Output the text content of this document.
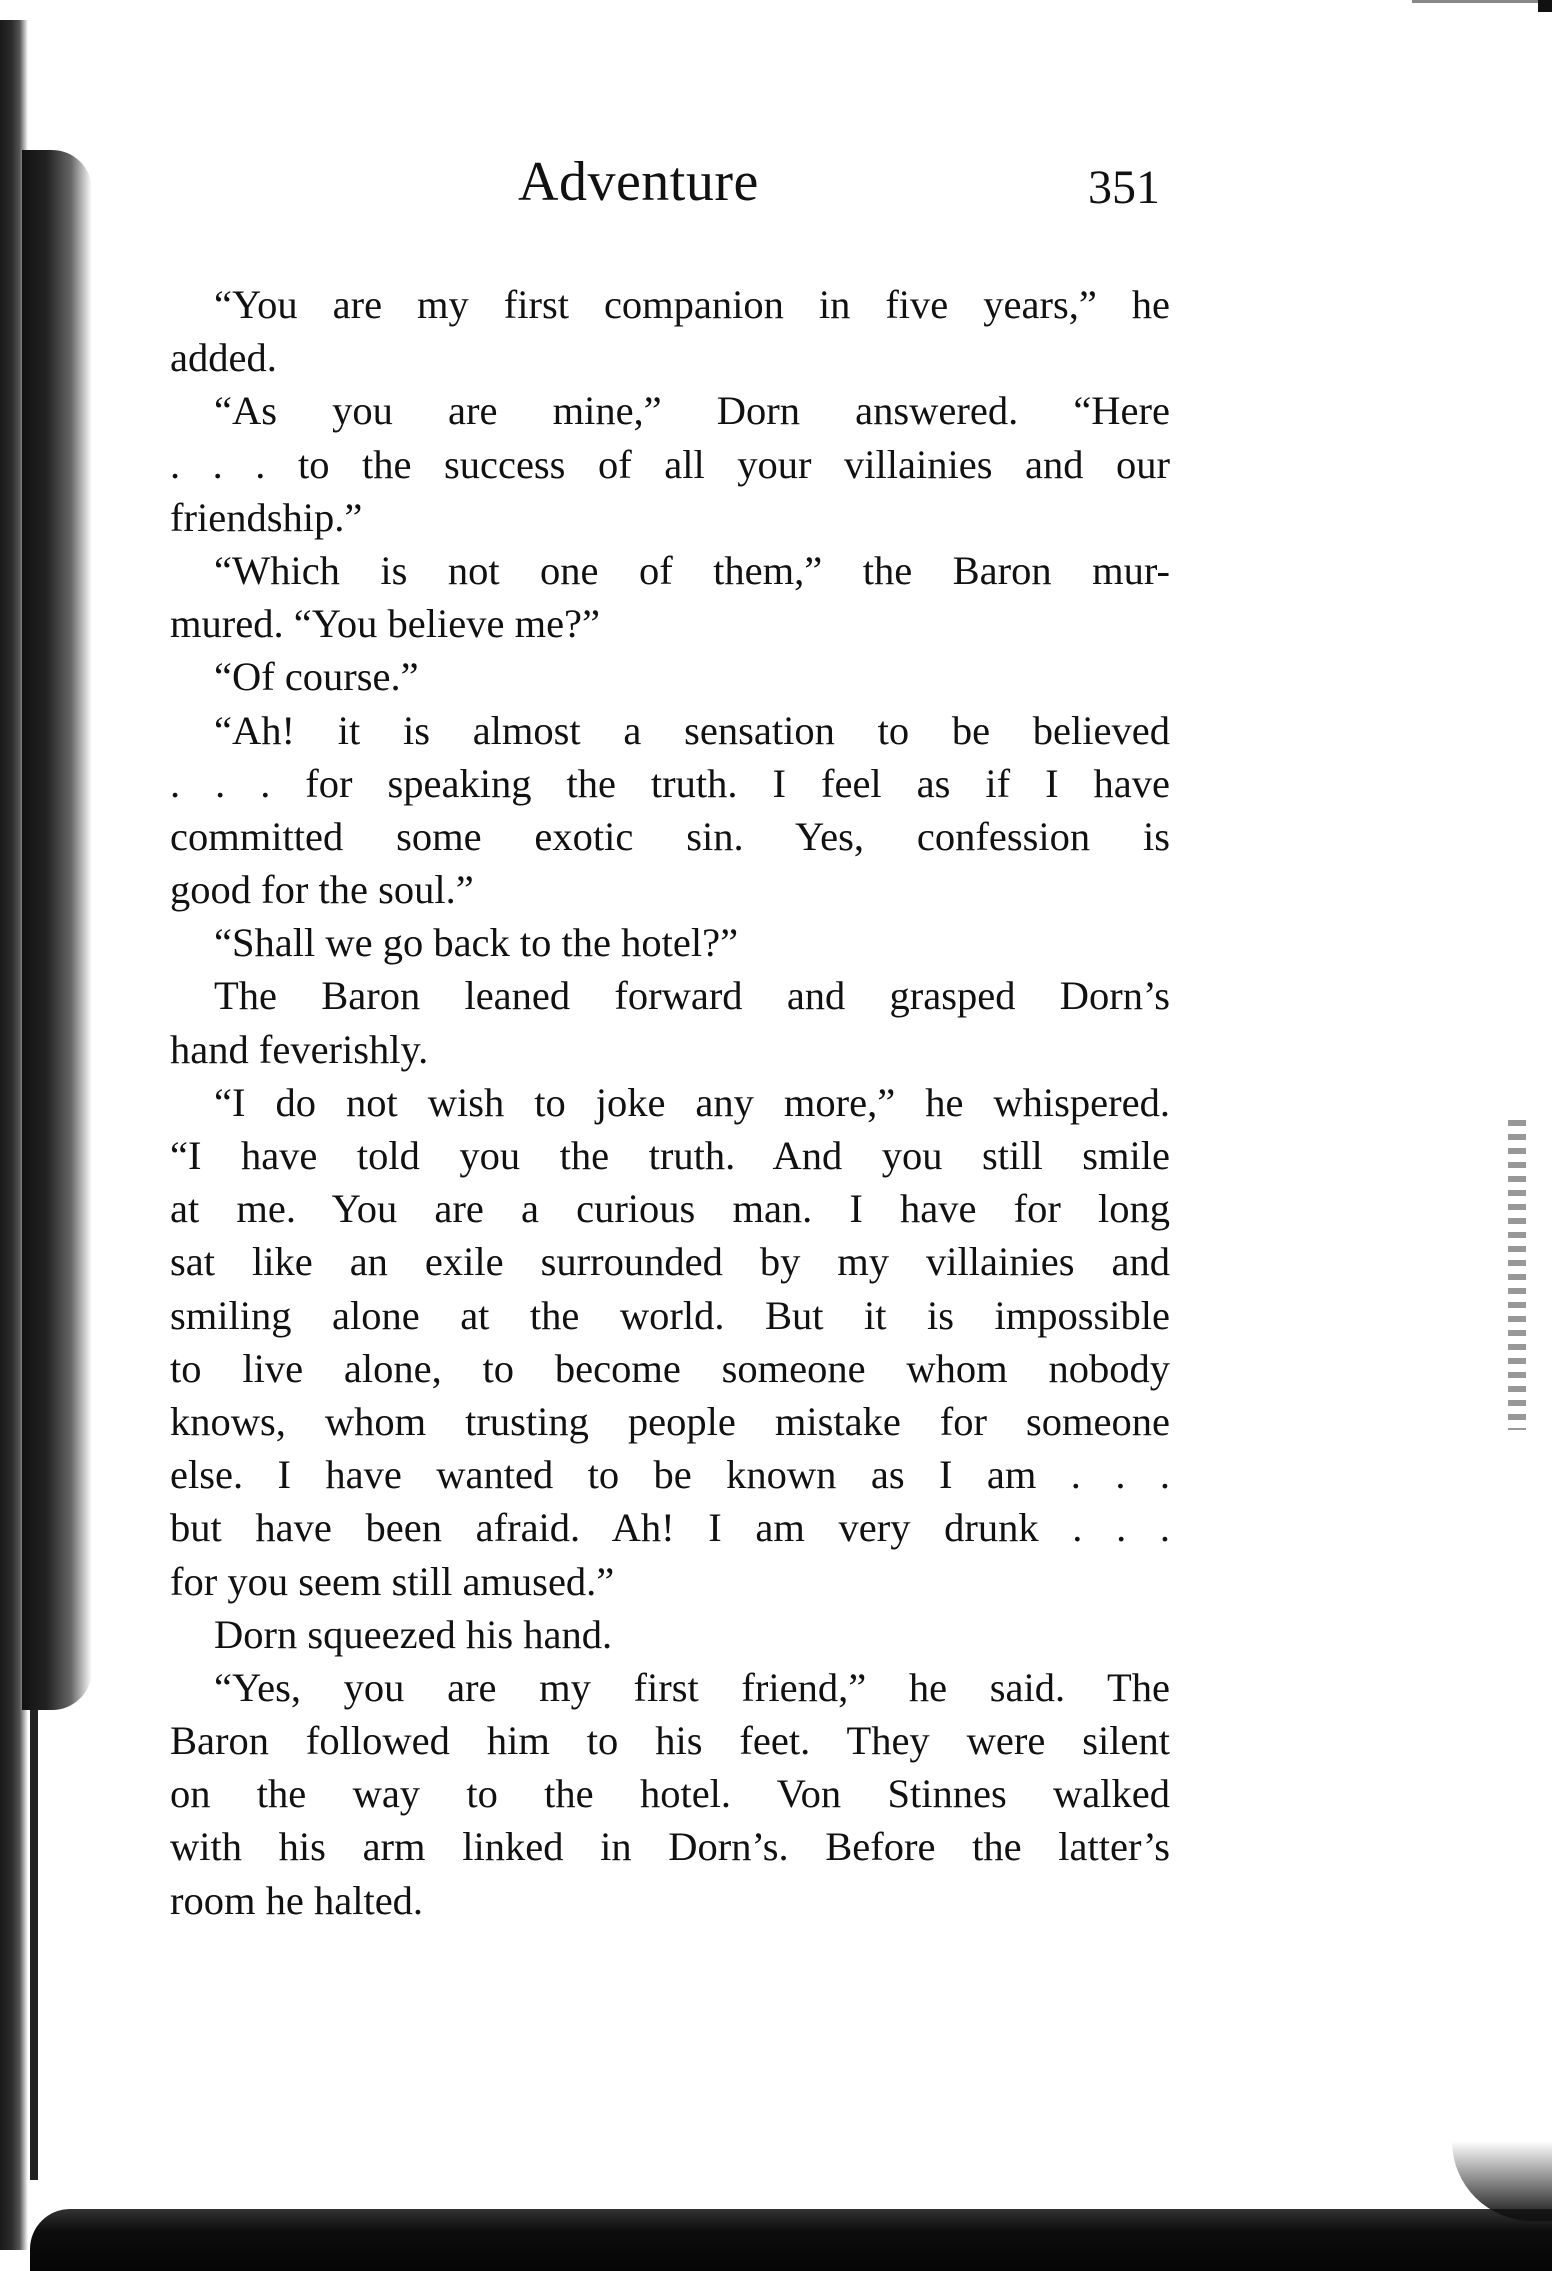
Adventure	351
“You are my first companion in five years,” he
added.
“As you are mine,” Dorn answered. “Here
. . . to the success of all your villainies and our
friendship.”
“Which is not one of them,” the Baron mur-
mured. “You believe me?”
“Of course.”
“Ah! it is almost a sensation to be believed
. . . for speaking the truth. I feel as if I have
committed some exotic sin. Yes, confession is
good for the soul.”
“Shall we go back to the hotel?”
The Baron leaned forward and grasped Dorn’s
hand feverishly.
“I do not wish to joke any more,” he whispered.
“I have told you the truth. And you still smile
at me. You are a curious man. I have for long
sat like an exile surrounded by my villainies and
smiling alone at the world. But it is impossible
to live alone, to become someone whom nobody
knows, whom trusting people mistake for someone
else. I have wanted to be known as I am . . .
but have been afraid. Ah! I am very drunk . . .
for you seem still amused.”
Dorn squeezed his hand.
“Yes, you are my first friend,” he said. The
Baron followed him to his feet. They were silent
on the way to the hotel. Von Stinnes walked
with his arm linked in Dorn’s. Before the latter’s
room he halted.
